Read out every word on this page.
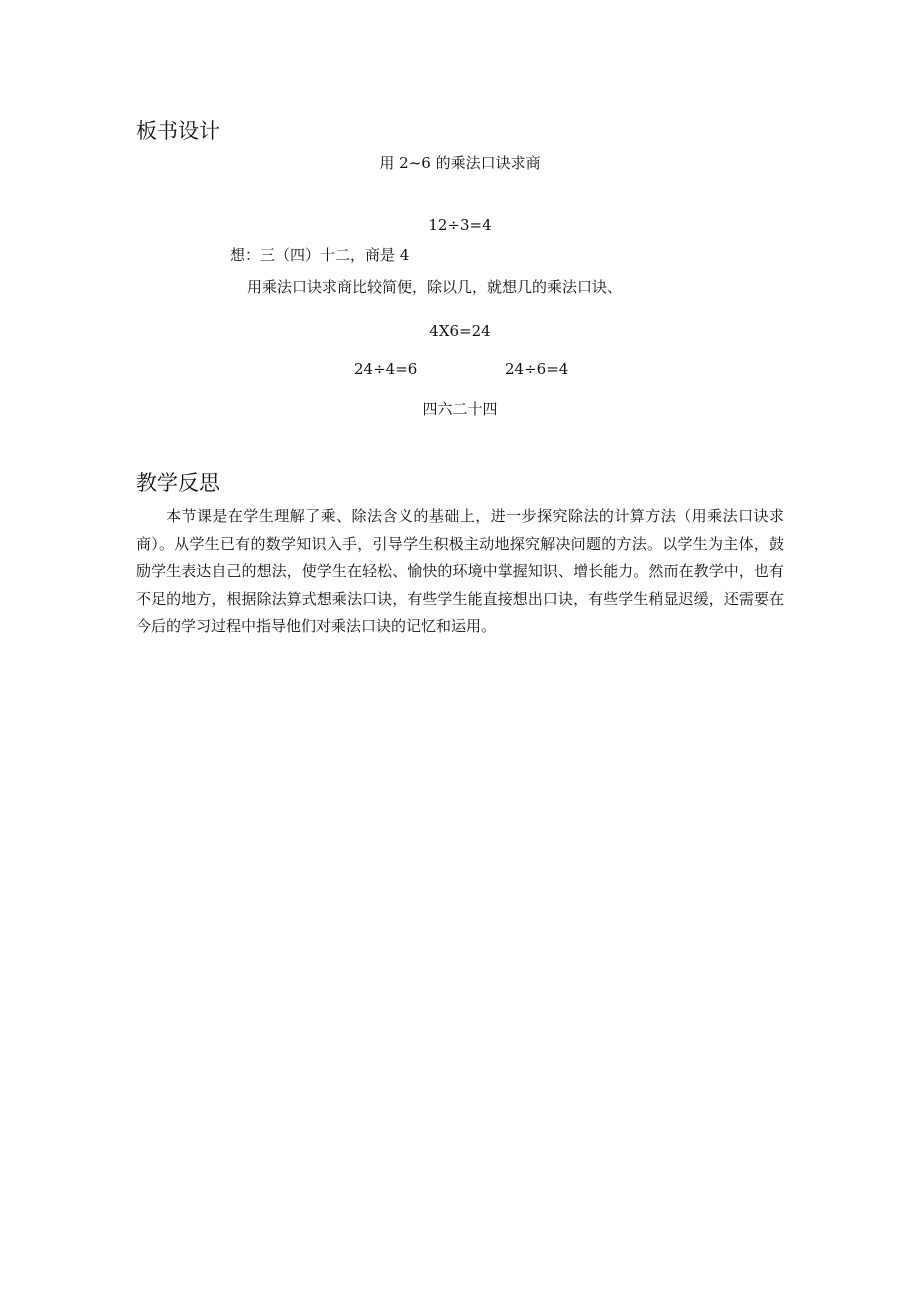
板书设计
用 2~6 的乘法口诀求商
12÷3=4
想：三（四）十二，商是 4
用乘法口诀求商比较简便，除以几，就想几的乘法口诀、
4X6=24
24÷4=6	24÷6=4
四六二十四
教学反思
本节课是在学生理解了乘、除法含义的基础上，进一步探究除法的计算方法（用乘法口诀求商）。从学生已有的数学知识入手，引导学生积极主动地探究解决问题的方法。以学生为主体，鼓励学生表达自己的想法，使学生在轻松、愉快的环境中掌握知识、增长能力。然而在教学中，也有不足的地方，根据除法算式想乘法口诀，有些学生能直接想出口诀，有些学生稍显迟缓，还需要在今后的学习过程中指导他们对乘法口诀的记忆和运用。
